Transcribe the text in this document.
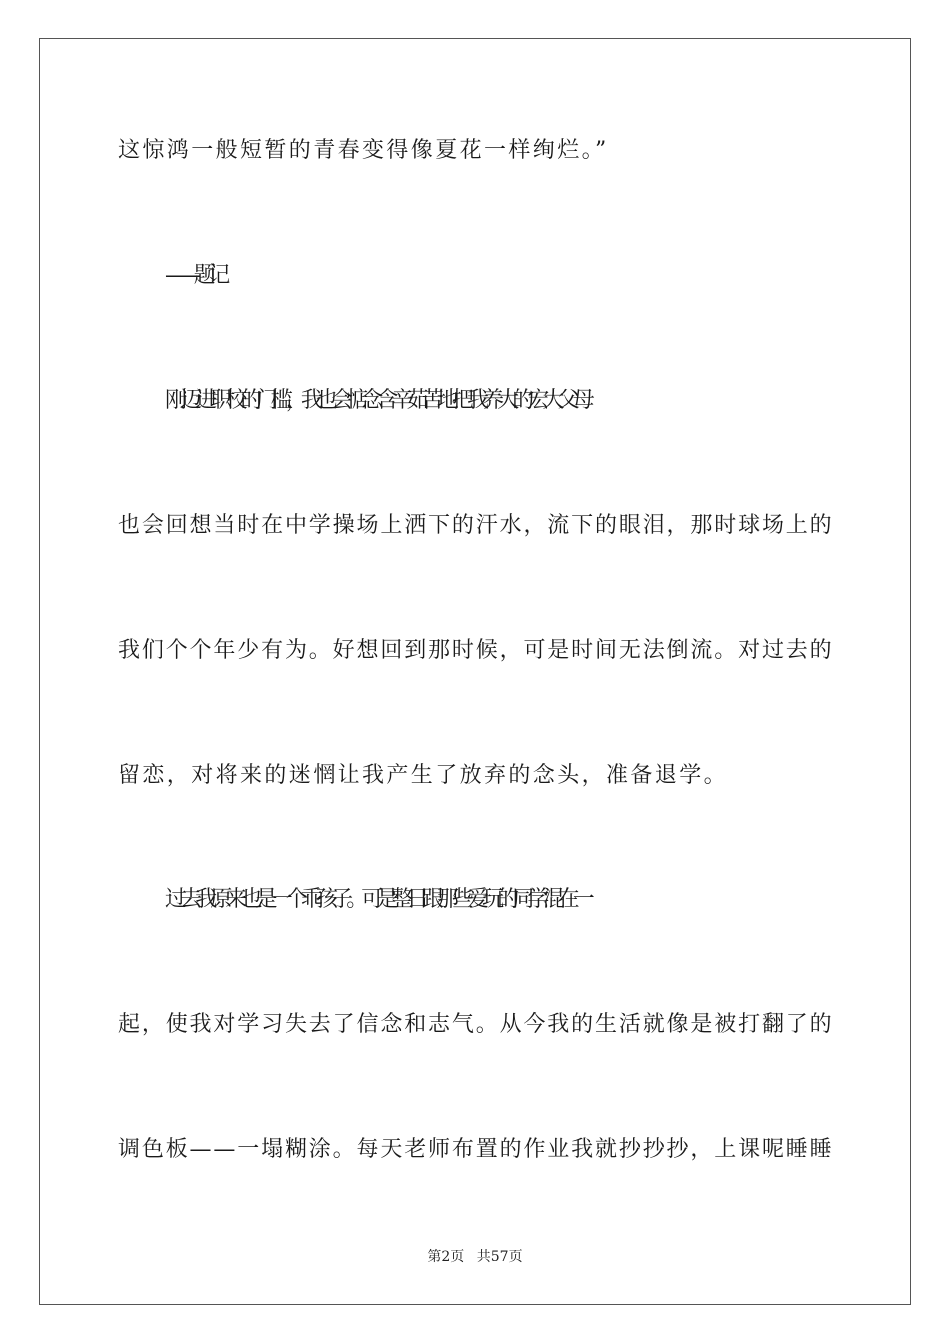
这惊鸿一般短暂的青春变得像夏花一样绚烂。”
——题记
刚迈进职校的门槛，我也会惦念含辛茹苦地把我养大的宏大父母
也会回想当时在中学操场上洒下的汗水，流下的眼泪，那时球场上的
我们个个年少有为。好想回到那时候，可是时间无法倒流。对过去的
留恋，对将来的迷惘让我产生了放弃的念头，准备退学。
过去我原来也是一个乖孩子。可是整日跟那些爱玩的同学混在一
起，使我对学习失去了信念和志气。从今我的生活就像是被打翻了的
调色板——一塌糊涂。每天老师布置的作业我就抄抄抄，上课呢睡睡
第2页 共57页
